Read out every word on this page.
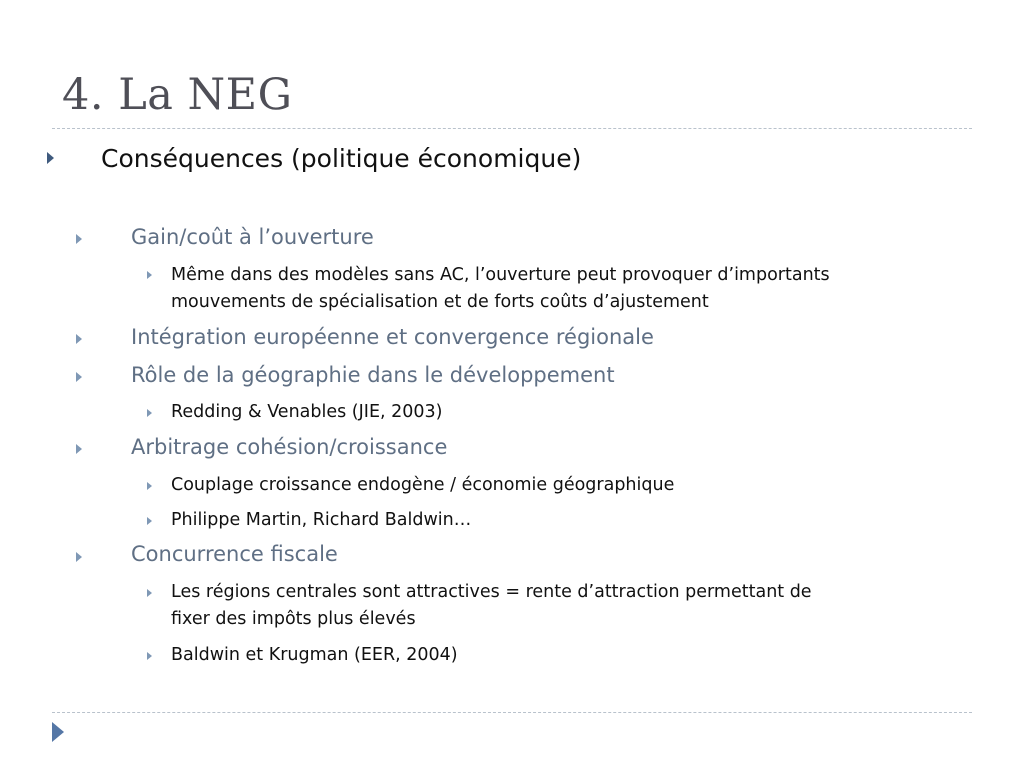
4. La NEG
Conséquences (politique économique)
Gain/coût à l’ouverture
Même dans des modèles sans AC, l’ouverture peut provoquer d’importants
mouvements de spécialisation et de forts coûts d’ajustement
Intégration européenne et convergence régionale
Rôle de la géographie dans le développement
Redding & Venables (JIE, 2003)
Arbitrage cohésion/croissance
Couplage croissance endogène / économie géographique
Philippe Martin, Richard Baldwin…
Concurrence fiscale
Les régions centrales sont attractives = rente d’attraction permettant de
fixer des impôts plus élevés
Baldwin et Krugman (EER, 2004)
